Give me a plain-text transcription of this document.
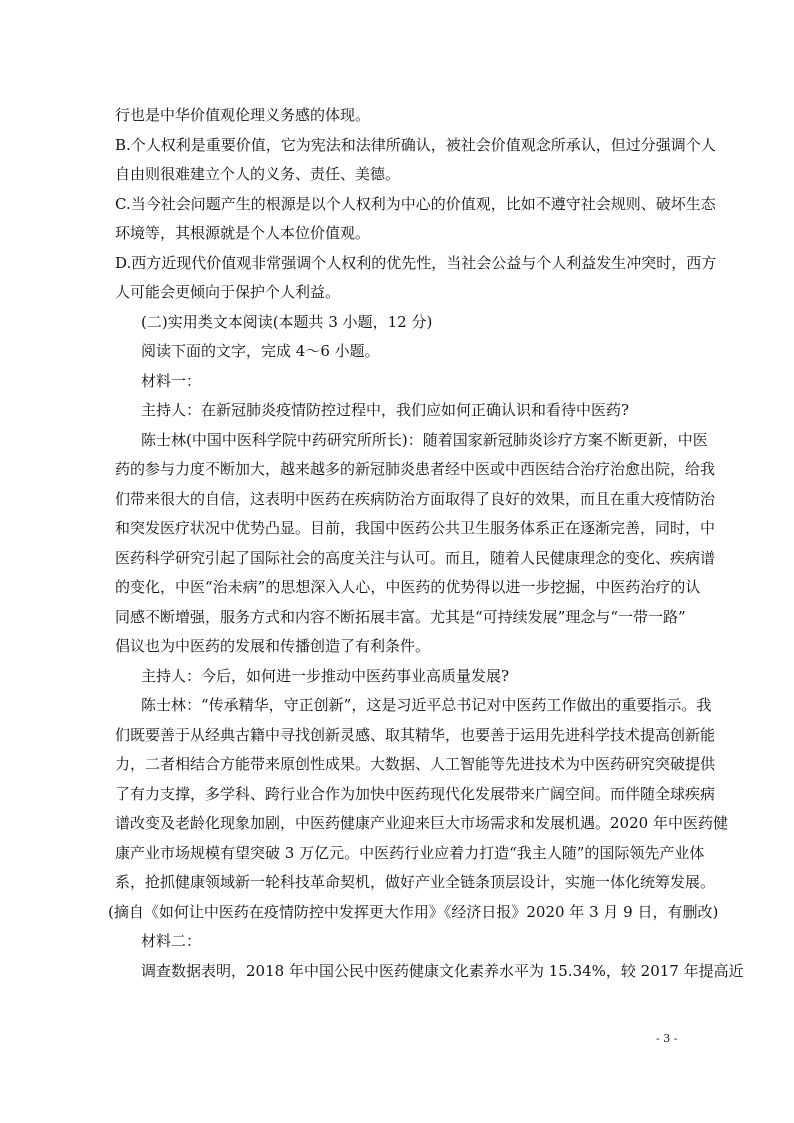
行也是中华价值观伦理义务感的体现。
B.个人权利是重要价值，它为宪法和法律所确认，被社会价值观念所承认，但过分强调个人
自由则很难建立个人的义务、责任、美德。
C.当今社会问题产生的根源是以个人权利为中心的价值观，比如不遵守社会规则、破坏生态
环境等，其根源就是个人本位价值观。
D.西方近现代价值观非常强调个人权利的优先性，当社会公益与个人利益发生冲突时，西方
人可能会更倾向于保护个人利益。
(二)实用类文本阅读(本题共 3 小题，12 分)
阅读下面的文字，完成 4～6 小题。
材料一：
主持人：在新冠肺炎疫情防控过程中，我们应如何正确认识和看待中医药?
陈士林(中国中医科学院中药研究所所长)：随着国家新冠肺炎诊疗方案不断更新，中医
药的参与力度不断加大，越来越多的新冠肺炎患者经中医或中西医结合治疗治愈出院，给我
们带来很大的自信，这表明中医药在疾病防治方面取得了良好的效果，而且在重大疫情防治
和突发医疗状况中优势凸显。目前，我国中医药公共卫生服务体系正在逐渐完善，同时，中
医药科学研究引起了国际社会的高度关注与认可。而且，随着人民健康理念的变化、疾病谱
的变化，中医“治未病”的思想深入人心，中医药的优势得以进一步挖掘，中医药治疗的认
同感不断增强，服务方式和内容不断拓展丰富。尤其是“可持续发展”理念与“一带一路”
倡议也为中医药的发展和传播创造了有利条件。
主持人：今后，如何进一步推动中医药事业高质量发展?
陈士林：“传承精华，守正创新”，这是习近平总书记对中医药工作做出的重要指示。我
们既要善于从经典古籍中寻找创新灵感、取其精华，也要善于运用先进科学技术提高创新能
力，二者相结合方能带来原创性成果。大数据、人工智能等先进技术为中医药研究突破提供
了有力支撑，多学科、跨行业合作为加快中医药现代化发展带来广阔空间。而伴随全球疾病
谱改变及老龄化现象加剧，中医药健康产业迎来巨大市场需求和发展机遇。2020 年中医药健
康产业市场规模有望突破 3 万亿元。中医药行业应着力打造“我主人随”的国际领先产业体
系，抢抓健康领域新一轮科技革命契机，做好产业全链条顶层设计，实施一体化统筹发展。
(摘自《如何让中医药在疫情防控中发挥更大作用》《经济日报》2020 年 3 月 9 日，有删改)
材料二：
调查数据表明，2018 年中国公民中医药健康文化素养水平为 15.34%，较 2017 年提高近
- 3 -
